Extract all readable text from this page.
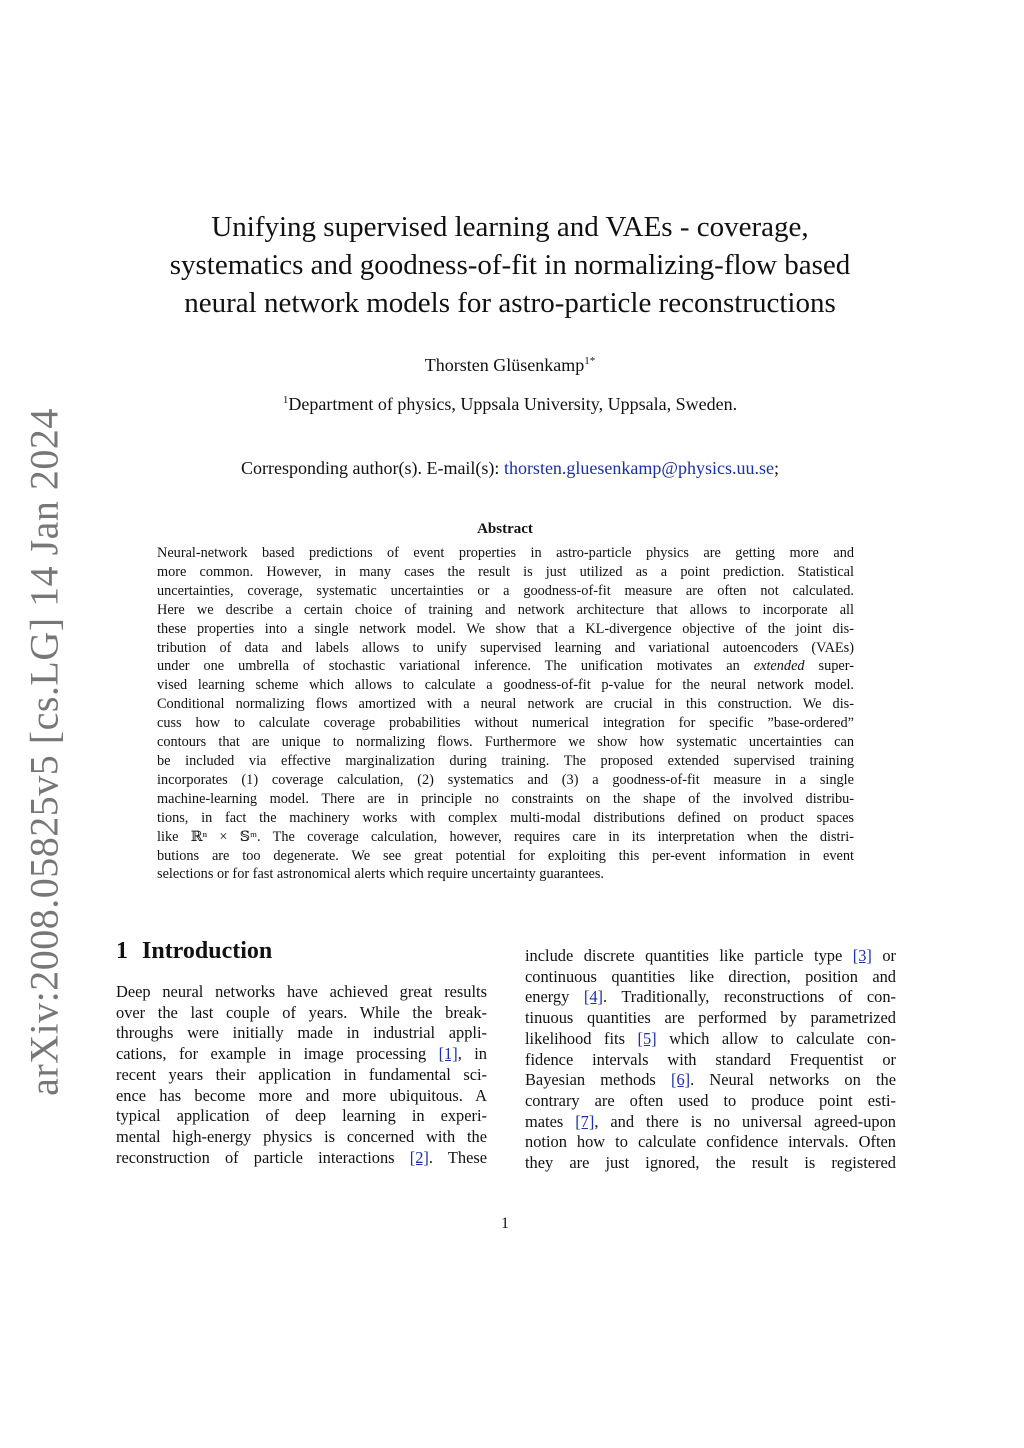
arXiv:2008.05825v5 [cs.LG] 14 Jan 2024
Unifying supervised learning and VAEs - coverage,
systematics and goodness-of-fit in normalizing-flow based
neural network models for astro-particle reconstructions
Thorsten Glüsenkamp$^{1*}$
$^1$Department of physics, Uppsala University, Uppsala, Sweden.
Corresponding author(s). E-mail(s): thorsten.gluesenkamp@physics.uu.se;
Abstract
Neural-network based predictions of event properties in astro-particle physics are getting more and
more common. However, in many cases the result is just utilized as a point prediction. Statistical
uncertainties, coverage, systematic uncertainties or a goodness-of-fit measure are often not calculated.
Here we describe a certain choice of training and network architecture that allows to incorporate all
these properties into a single network model. We show that a KL-divergence objective of the joint dis-
tribution of data and labels allows to unify supervised learning and variational autoencoders (VAEs)
under one umbrella of stochastic variational inference. The unification motivates an extended super-
vised learning scheme which allows to calculate a goodness-of-fit p-value for the neural network model.
Conditional normalizing flows amortized with a neural network are crucial in this construction. We dis-
cuss how to calculate coverage probabilities without numerical integration for specific ”base-ordered”
contours that are unique to normalizing flows. Furthermore we show how systematic uncertainties can
be included via effective marginalization during training. The proposed extended supervised training
incorporates (1) coverage calculation, (2) systematics and (3) a goodness-of-fit measure in a single
machine-learning model. There are in principle no constraints on the shape of the involved distribu-
tions, in fact the machinery works with complex multi-modal distributions defined on product spaces
like ℝⁿ × 𝕊ᵐ. The coverage calculation, however, requires care in its interpretation when the distri-
butions are too degenerate. We see great potential for exploiting this per-event information in event
selections or for fast astronomical alerts which require uncertainty guarantees.
1 Introduction
Deep neural networks have achieved great results
over the last couple of years. While the break-
throughs were initially made in industrial appli-
cations, for example in image processing [1], in
recent years their application in fundamental sci-
ence has become more and more ubiquitous. A
typical application of deep learning in experi-
mental high-energy physics is concerned with the
reconstruction of particle interactions [2]. These
include discrete quantities like particle type [3] or
continuous quantities like direction, position and
energy [4]. Traditionally, reconstructions of con-
tinuous quantities are performed by parametrized
likelihood fits [5] which allow to calculate con-
fidence intervals with standard Frequentist or
Bayesian methods [6]. Neural networks on the
contrary are often used to produce point esti-
mates [7], and there is no universal agreed-upon
notion how to calculate confidence intervals. Often
they are just ignored, the result is registered
1
